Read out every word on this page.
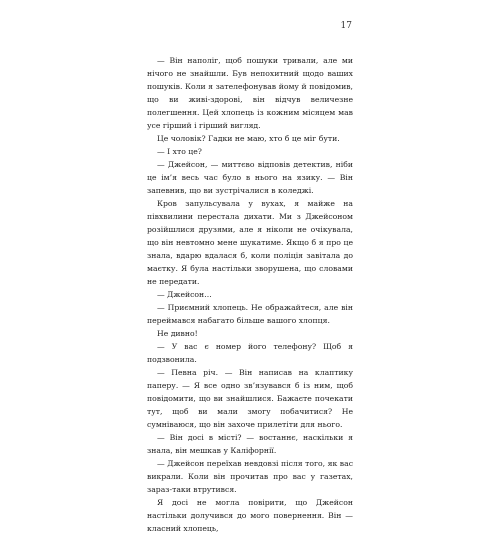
17

— Він наполіг, щоб пошуки тривали, але ми нічого не знайшли. Був непохитний щодо ваших пошуків. Коли я зателефонував йому й повідомив, що ви живі-здорові, він відчув величезне полегшення. Цей хлопець із кожним місяцем мав усе гірший і гірший вигляд.

Це чоловік? Гадки не маю, хто б це міг бути.

— І хто це?

— Джейсон, — миттєво відповів детектив, ніби це ім’я весь час було в нього на язику. — Він запевнив, що ви зустрічалися в коледжі.

Кров запульсувала у вухах, я майже на півхвилини перестала дихати. Ми з Джейсоном розійшлися друзями, але я ніколи не очікувала, що він невтомно мене шукатиме. Якщо б я про це знала, вдарю вдалася б, коли поліція завітала до маєтку. Я була настільки зворушена, що словами не передати.

— Джейсон…

— Приємний хлопець. Не ображайтеся, але він переймався набагато більше вашого хлопця.

Не дивно!

— У вас є номер його телефону? Щоб я подзвонила.

— Певна річ. — Він написав на клаптику паперу. — Я все одно зв’язувався б із ним, щоб повідомити, що ви знайшлися. Бажаєте почекати тут, щоб ви мали змогу побачитися? Не сумніваюся, що він захоче прилетіти для нього.

— Він досі в місті? — востаннє, наскільки я знала, він мешкав у Каліфорнії.

— Джейсон переїхав невдовзі після того, як вас викрали. Коли він прочитав про вас у газетах, зараз-таки втрутився.

Я досі не могла повірити, що Джейсон настільки долучився до мого повернення. Він — класний хлопець,
